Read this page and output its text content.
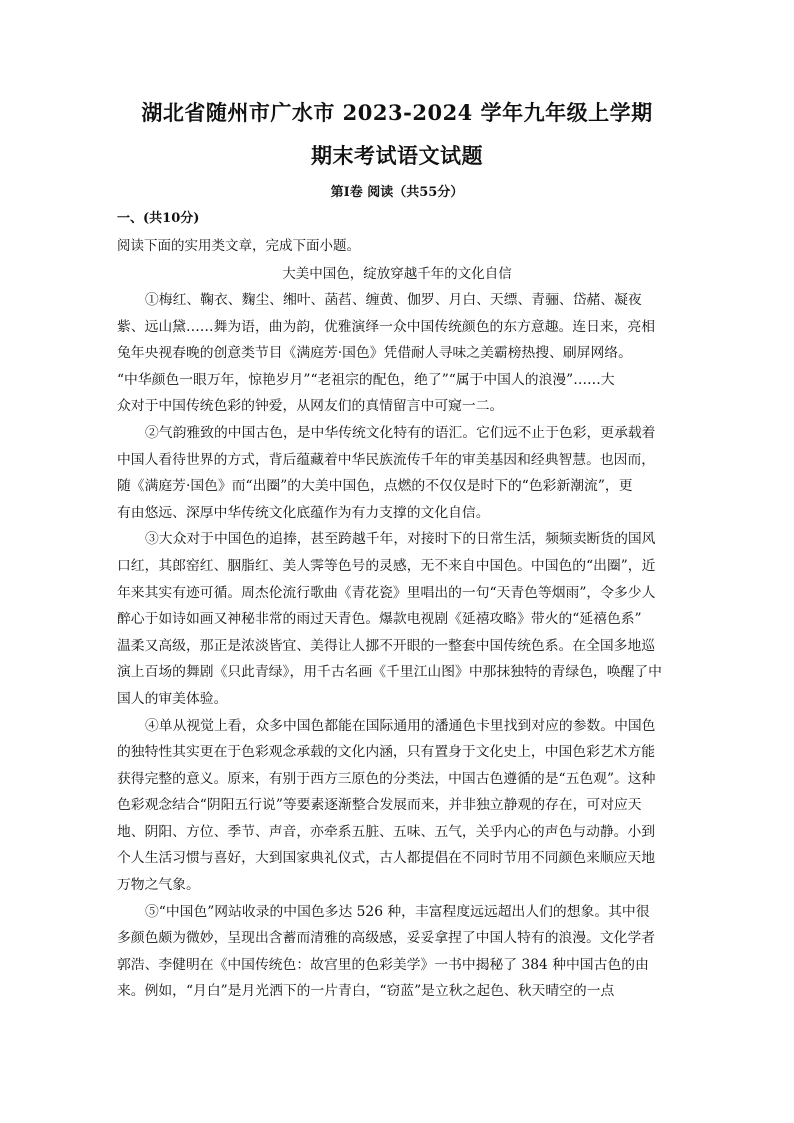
湖北省随州市广水市 2023-2024 学年九年级上学期
期末考试语文试题
第Ⅰ卷 阅读（共55分）
一、(共10分)
阅读下面的实用类文章，完成下面小题。
大美中国色，绽放穿越千年的文化自信
①梅红、鞠衣、麴尘、缃叶、菡萏、缠黄、伽罗、月白、天缥、青骊、岱赭、凝夜
紫、远山黛……舞为语，曲为韵，优雅演绎一众中国传统颜色的东方意趣。连日来，亮相
兔年央视春晚的创意类节目《满庭芳·国色》凭借耐人寻味之美霸榜热搜、刷屏网络。
“中华颜色一眼万年，惊艳岁月”“老祖宗的配色，绝了”“属于中国人的浪漫”……大
众对于中国传统色彩的钟爱，从网友们的真情留言中可窥一二。
②气韵雅致的中国古色，是中华传统文化特有的语汇。它们远不止于色彩，更承载着
中国人看待世界的方式，背后蕴藏着中华民族流传千年的审美基因和经典智慧。也因而，
随《满庭芳·国色》而“出圈”的大美中国色，点燃的不仅仅是时下的“色彩新潮流”，更
有由悠远、深厚中华传统文化底蕴作为有力支撑的文化自信。
③大众对于中国色的追捧，甚至跨越千年，对接时下的日常生活，频频卖断货的国风
口红，其郎窑红、胭脂红、美人霁等色号的灵感，无不来自中国色。中国色的“出圈”，近
年来其实有迹可循。周杰伦流行歌曲《青花瓷》里唱出的一句“天青色等烟雨”，令多少人
醉心于如诗如画又神秘非常的雨过天青色。爆款电视剧《延禧攻略》带火的“延禧色系”
温柔又高级，那正是浓淡皆宜、美得让人挪不开眼的一整套中国传统色系。在全国多地巡
演上百场的舞剧《只此青绿》，用千古名画《千里江山图》中那抹独特的青绿色，唤醒了中
国人的审美体验。
④单从视觉上看，众多中国色都能在国际通用的潘通色卡里找到对应的参数。中国色
的独特性其实更在于色彩观念承载的文化内涵，只有置身于文化史上，中国色彩艺术方能
获得完整的意义。原来，有别于西方三原色的分类法，中国古色遵循的是“五色观”。这种
色彩观念结合“阴阳五行说”等要素逐渐整合发展而来，并非独立静观的存在，可对应天
地、阴阳、方位、季节、声音，亦牵系五脏、五味、五气，关乎内心的声色与动静。小到
个人生活习惯与喜好，大到国家典礼仪式，古人都提倡在不同时节用不同颜色来顺应天地
万物之气象。
⑤“中国色”网站收录的中国色多达 526 种，丰富程度远远超出人们的想象。其中很
多颜色颇为微妙，呈现出含蓄而清雅的高级感，妥妥拿捏了中国人特有的浪漫。文化学者
郭浩、李健明在《中国传统色：故宫里的色彩美学》一书中揭秘了 384 种中国古色的由
来。例如，“月白”是月光洒下的一片青白，“窃蓝”是立秋之起色、秋天晴空的一点
